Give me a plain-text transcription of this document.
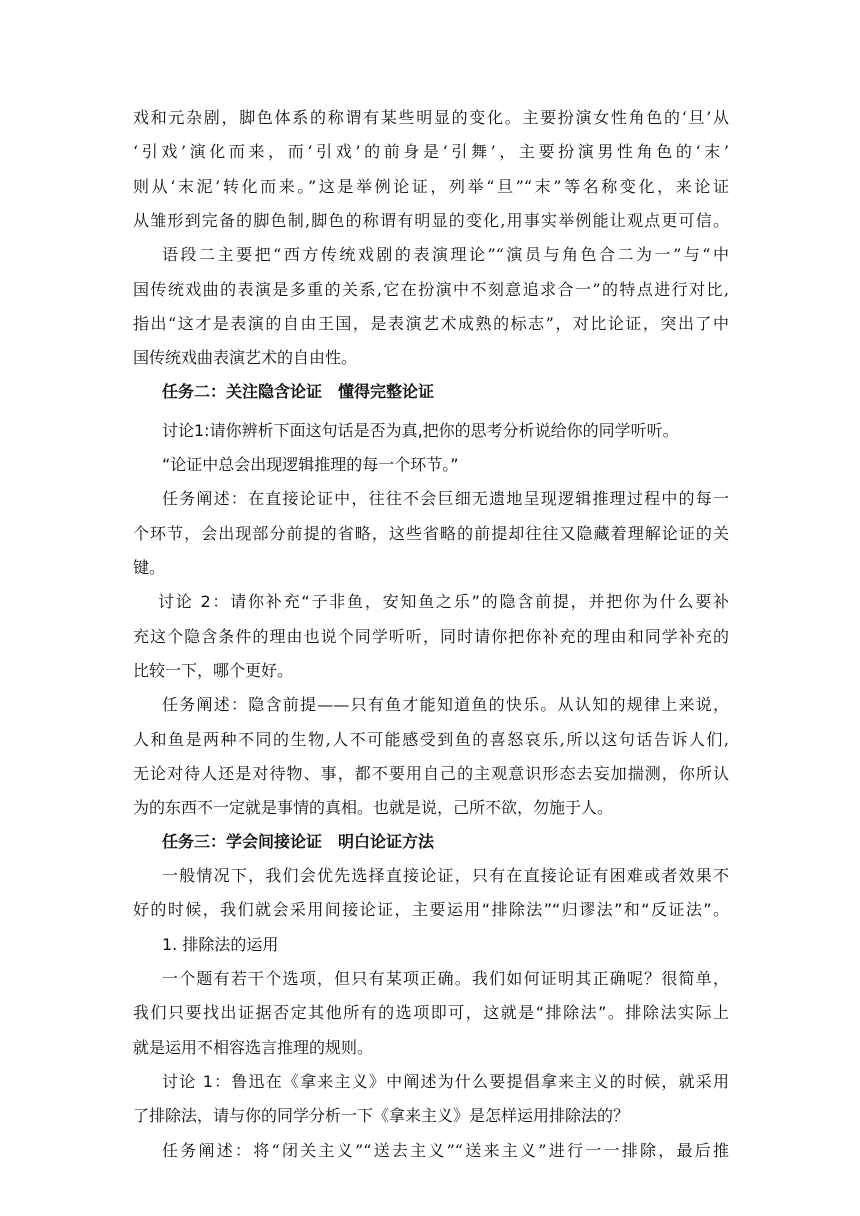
戏和元杂剧，脚色体系的称谓有某些明显的变化。主要扮演女性角色的‘旦’从
‘引戏’演化而来，而‘引戏’的前身是‘引舞’，主要扮演男性角色的‘末’
则从‘末泥’转化而来。”这是举例论证，列举“旦”“末”等名称变化，来论证
从雏形到完备的脚色制,脚色的称谓有明显的变化,用事实举例能让观点更可信。
语段二主要把“西方传统戏剧的表演理论”“演员与角色合二为一”与“中
国传统戏曲的表演是多重的关系,它在扮演中不刻意追求合一”的特点进行对比,
指出“这才是表演的自由王国，是表演艺术成熟的标志”，对比论证，突出了中
国传统戏曲表演艺术的自由性。
任务二：关注隐含论证　懂得完整论证
讨论1:请你辨析下面这句话是否为真,把你的思考分析说给你的同学听听。
“论证中总会出现逻辑推理的每一个环节。”
任务阐述：在直接论证中，往往不会巨细无遗地呈现逻辑推理过程中的每一
个环节，会出现部分前提的省略，这些省略的前提却往往又隐藏着理解论证的关
键。
讨论 2：请你补充“子非鱼，安知鱼之乐”的隐含前提，并把你为什么要补
充这个隐含条件的理由也说个同学听听，同时请你把你补充的理由和同学补充的
比较一下，哪个更好。
任务阐述：隐含前提——只有鱼才能知道鱼的快乐。从认知的规律上来说，
人和鱼是两种不同的生物,人不可能感受到鱼的喜怒哀乐,所以这句话告诉人们,
无论对待人还是对待物、事，都不要用自己的主观意识形态去妄加揣测，你所认
为的东西不一定就是事情的真相。也就是说，己所不欲，勿施于人。
任务三：学会间接论证　明白论证方法
一般情况下，我们会优先选择直接论证，只有在直接论证有困难或者效果不
好的时候，我们就会采用间接论证，主要运用“排除法”“归谬法”和“反证法”。
1. 排除法的运用
一个题有若干个选项，但只有某项正确。我们如何证明其正确呢？很简单，
我们只要找出证据否定其他所有的选项即可，这就是“排除法”。排除法实际上
就是运用不相容选言推理的规则。
讨论 1：鲁迅在《拿来主义》中阐述为什么要提倡拿来主义的时候，就采用
了排除法，请与你的同学分析一下《拿来主义》是怎样运用排除法的？
任务阐述：将“闭关主义”“送去主义”“送来主义”进行一一排除，最后推
